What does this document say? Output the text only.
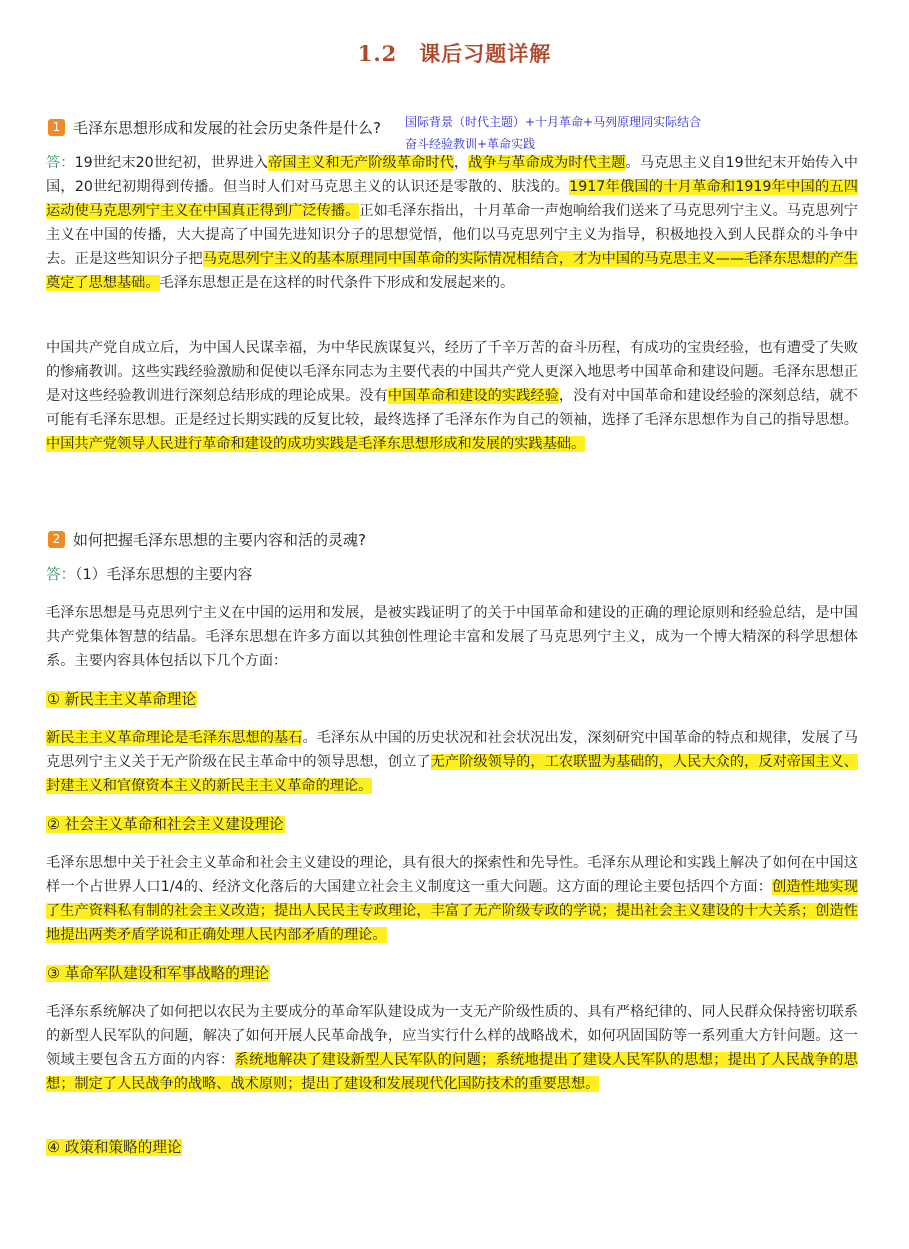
1.2 课后习题详解
1 毛泽东思想形成和发展的社会历史条件是什么? 国际背景（时代主题）+十月革命+马列原理同实际结合
奋斗经验教训+革命实践

答：19世纪末20世纪初，世界进入帝国主义和无产阶级革命时代，战争与革命成为时代主题。马克思主义自19世纪末开始传入中国，20世纪初期得到传播。但当时人们对马克思主义的认识还是零散的、肤浅的。1917年俄国的十月革命和1919年中国的五四运动使马克思列宁主义在中国真正得到广泛传播。正如毛泽东指出，十月革命一声炮响给我们送来了马克思列宁主义。马克思列宁主义在中国的传播，大大提高了中国先进知识分子的思想觉悟，他们以马克思列宁主义为指导，积极地投入到人民群众的斗争中去。正是这些知识分子把马克思列宁主义的基本原理同中国革命的实际情况相结合，才为中国的马克思主义——毛泽东思想的产生奠定了思想基础。毛泽东思想正是在这样的时代条件下形成和发展起来的。

中国共产党自成立后，为中国人民谋幸福，为中华民族谋复兴，经历了千辛万苦的奋斗历程，有成功的宝贵经验，也有遭受了失败的惨痛教训。这些实践经验激励和促使以毛泽东同志为主要代表的中国共产党人更深入地思考中国革命和建设问题。毛泽东思想正是对这些经验教训进行深刻总结形成的理论成果。没有中国革命和建设的实践经验，没有对中国革命和建设经验的深刻总结，就不可能有毛泽东思想。正是经过长期实践的反复比较，最终选择了毛泽东作为自己的领袖，选择了毛泽东思想作为自己的指导思想。中国共产党领导人民进行革命和建设的成功实践是毛泽东思想形成和发展的实践基础。

2 如何把握毛泽东思想的主要内容和活的灵魂?
答：（1）毛泽东思想的主要内容

毛泽东思想是马克思列宁主义在中国的运用和发展，是被实践证明了的关于中国革命和建设的正确的理论原则和经验总结，是中国共产党集体智慧的结晶。毛泽东思想在许多方面以其独创性理论丰富和发展了马克思列宁主义，成为一个博大精深的科学思想体系。主要内容具体包括以下几个方面：

① 新民主主义革命理论

新民主主义革命理论是毛泽东思想的基石。毛泽东从中国的历史状况和社会状况出发，深刻研究中国革命的特点和规律，发展了马克思列宁主义关于无产阶级在民主革命中的领导思想，创立了无产阶级领导的，工农联盟为基础的，人民大众的，反对帝国主义、封建主义和官僚资本主义的新民主主义革命的理论。

② 社会主义革命和社会主义建设理论

毛泽东思想中关于社会主义革命和社会主义建设的理论，具有很大的探索性和先导性。毛泽东从理论和实践上解决了如何在中国这样一个占世界人口1/4的、经济文化落后的大国建立社会主义制度这一重大问题。这方面的理论主要包括四个方面：创造性地实现了生产资料私有制的社会主义改造；提出人民民主专政理论，丰富了无产阶级专政的学说；提出社会主义建设的十大关系；创造性地提出两类矛盾学说和正确处理人民内部矛盾的理论。

③ 革命军队建设和军事战略的理论

毛泽东系统解决了如何把以农民为主要成分的革命军队建设成为一支无产阶级性质的、具有严格纪律的、同人民群众保持密切联系的新型人民军队的问题，解决了如何开展人民革命战争，应当实行什么样的战略战术，如何巩固国防等一系列重大方针问题。这一领域主要包含五方面的内容：系统地解决了建设新型人民军队的问题；系统地提出了建设人民军队的思想；提出了人民战争的思想；制定了人民战争的战略、战术原则；提出了建设和发展现代化国防技术的重要思想。

④ 政策和策略的理论
